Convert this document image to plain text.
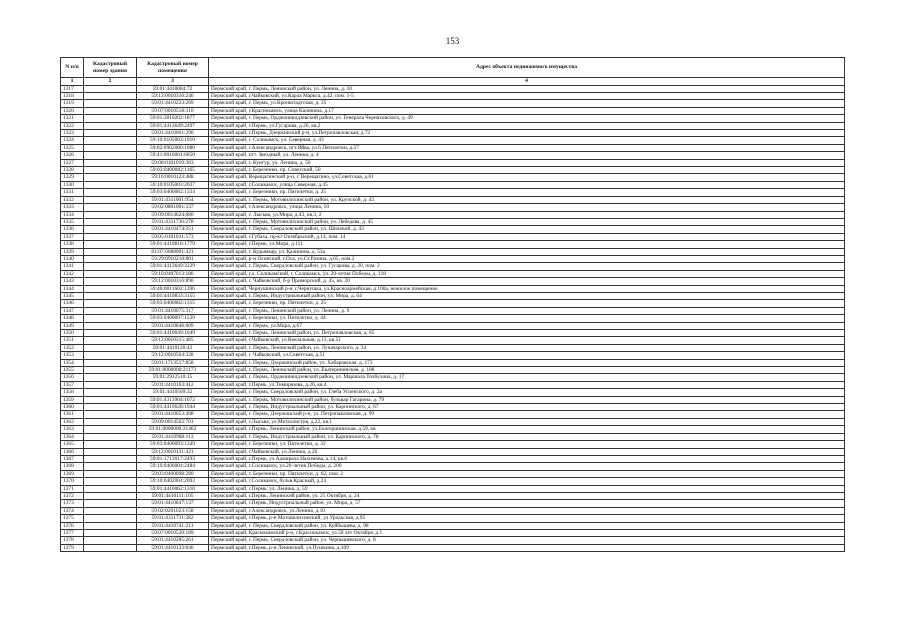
153
N п/п	Кадастровый номер здания	Кадастровый номер помещения	Адрес объекта недвижимого имущества
1	2	3	4
1317		59:01:4410084:72	Пермский край, г. Пермь, Ленинский район, ул. Ленина, д. 10
1318		59:12:0010316:246	Пермский край, г.Чайковский, ул.Карла Маркса, д.42, пом. 1-5
1319		59:01:4410223:269	Пермский край, г. Пермь, ул.Кронштадтская, д. 35
1320		59:07:0010518:310	Пермский край, г.Краснокамск, улица Калинина, д.17
1321		59:01:3810202:1877	Пермский край, г. Пермь, Орджоникидзевский район, ул. Генерала Черняховского, д. 49
1322		59:01:4413649:2497	Пермский край, г.Пермь, ул.Гусарова, д.20, кв.2
1323		59:01:4410061:290	Пермский край, г.Пермь, Дзержинский р-н, ул.Петропавловская, д.72
1324		59:10:0105003:1910	Пермский край, г. Соликамск, ул. Северная, д. 43
1325		59:02:0902080:1080	Пермский край, г.Александровск, пгт.Яйва, ул.6 Пятилетки, д.27
1326		59:41:0010001:6850	Пермский край, пгт. Звездный, ул. Ленина, д. 4
1327		59:08:0101010:383	Пермский край, г. Кунгур, ул. Ленина, д. 56
1328		59:03:0400082:1165	Пермский край, г. Березники, пр. Советский, 50
1329		59:16:0010123:488	Пермский край, Верещагинский р-н, г. Верещагино, ул.Советская, д.61
1330		59:10:0105003:2037	Пермский край, г.Соликамск, улица Северная, д.45
1331		59:03:0400082:1334	Пермский край, г. Березники, пр. Пятилетки, д. 25
1332		59:01:4311001:954	Пермский край, г. Пермь, Мотовилихинский район, ул. Крупской, д. 43
1333		59:02:0801001:337	Пермский край, г.Александровск, улица Ленина, 10
1334		59:09:0014624:680	Пермский край, г. Лысьва, ул.Мира, д.43, кв.3, 2
1335		59:01:4311736:278	Пермский край, г. Пермь, Мотовилихинский район, ул. Лебедева, д. 45
1336		59:01:4410474:351	Пермский край, г. Пермь, Свердловский район, ул. Шиловой, д. 43
1337		59:05:0101031:573	Пермский край, г.Губаха, пр-кт Октябрьский, д.14, пом. 14
1338		59:01:4410816:1779	Пермский край, г.Пермь, ул.Мира, д.111
1339		81:07:0088001:421	Пермский край, г. Кудымкар, ул. Калинина, д. 53а
1340		59:29:0910210:801	Пермский край, р-н Осинский, г.Оса, ул.Ст.Разина, д.65, пом.2
1341		59:01:4413649:3229	Пермский край, г. Пермь, Свердловский район, ул. Гусарова, д. 20, пом. 2
1342		59:10:0407013:186	Пермский край, г.о. Соликамский, г. Соликамск, ул. 20-летия Победы, д. 118
1343		59:12:0010316:896	Пермский край, г. Чайковский, б-р Приморский, д. 45, кв. 20
1344		59:40:0011602:1396	Пермский край, Чернушинский р-н, г.Чернушка, ул.Красноармейская, д.100а, нежилое помещение
1345		59:01:4410833:3155	Пермский край, г. Пермь, Индустриальный район, ул. Мира, д. 64
1346		59:03:0400082:1315	Пермский край, г. Березники, пр. Пятилетки, д. 25
1347		59:01:4410075:317	Пермский край, г. Пермь, Ленинский район, ул. Ленина, д. 9
1348		59:03:0400097:1539	Пермский край, г. Березники, ул. Пятилетки, д. 44
1349		59:01:4410846:609	Пермский край, г. Пермь, ул.Мира, д.67
1350		59:01:4410049:1049	Пермский край, г. Пермь, Ленинский район, ул. Петропавловская, д. 85
1351		59:12:0010315:485	Пермский край, г.Чайковский, ул.Вокзальная, д.13, кв.51
1352		59:01:4410120:43	Пермский край, г. Пермь, Ленинский район, ул. Луначарского, д. 34
1353		59:12:0010564:328	Пермский край, г. Чайковский, ул.Советская, д.51
1354		59:01:1713517:858	Пермский край, г. Пермь, Дзержинский район, ул. Хабаровская, д. 173
1355		59:01:0000000:21173	Пермский край, г. Пермь, Ленинский район, ул. Екатерининская, д. 188
1356		59:01:2912510:15	Пермский край, г. Пермь, Орджоникидзевский район, ул. Маршала Толбухина, д. 17
1357		59:01:4410163:412	Пермский край, г.Пермь, ул.Тимирязева, д.26, кв.4
1358		59:01:4410569:32	Пермский край, г. Пермь, Свердловский район, ул. Глеба Успенского, д. 2а
1359		59:01:4313904:1072	Пермский край, г. Пермь, Мотовилихинский район, бульвар Гагарина, д. 79
1360		59:01:4410628:1944	Пермский край, г. Пермь, Индустриальный район, ул. Карпинского, д. 67
1361		59:01:4410053:498	Пермский край, г. Пермь, Дзержинский р-н, ул. Петропавловская, д. 99
1362		59:09:0014502:701	Пермский край, г.Лысьва, ул.Металлистов, д.22, кв.1
1363		59:01:0000000:21462	Пермский край, г.Пермь, Ленинский район, ул.Екатерининская, д.59, кв
1364		59:01:4410968:113	Пермский край, г. Пермь, Индустриальный район, ул. Карпинского, д. 78
1365		59:03:0400093:1349	Пермский край, г. Березники, ул. Пятилетки, д. 32
1366		59:12:0010131:421	Пермский край, г.Чайковский, ул.Ленина, д.26
1367		59:01:1713017:2493	Пермский край, г.Пермь, ул.Адмирала Нахимова, д.14, кв.6
1368		59:10:0406004:2484	Пермский край, г.Соликамск, ул.20-летия Победы, д. 200
1369		59:03:0400098:280	Пермский край, г. Березники, пр. Пятилетки, д. 62, пом. 2
1370		59:10:0402004:2693	Пермский край, г.Соликамск, бульв.Красный, д.24
1371		59:01:4410062:1310	Пермский край, г.Пермь, ул. Ленина, д. 59
1372		59:01:4410111:105	Пермский край, г.Пермь, Ленинский район, ул. 25 Октября, д. 24
1373		59:01:4410847:137	Пермский край, г.Пермь, Индустриальный район, ул. Мира, д. 57
1374		59:02:0201023:158	Пермский край, г.Александровск, ул.Ленина, д.10
1375		59:01:4311731:382	Пермский край, г.Пермь, р-н Мотовилихинский, ул.Уральская, д.95
1376		59:01:4410741:211	Пермский край, г. Пермь, Свердловский район, ул. Куйбышева, д. 98
1377		59:07:0010520:189	Пермский край, Краснокамский р-н, г.Краснокамск, ул.50 лет Октября, д.1
1378		59:01:4410285:261	Пермский край, г. Пермь, Свердловский район, ул. Чернышевского, д. 8
1379		59:01:4410133:646	Пермский край, г.Пермь, р-н Ленинский, ул.Пушкина, д.109
